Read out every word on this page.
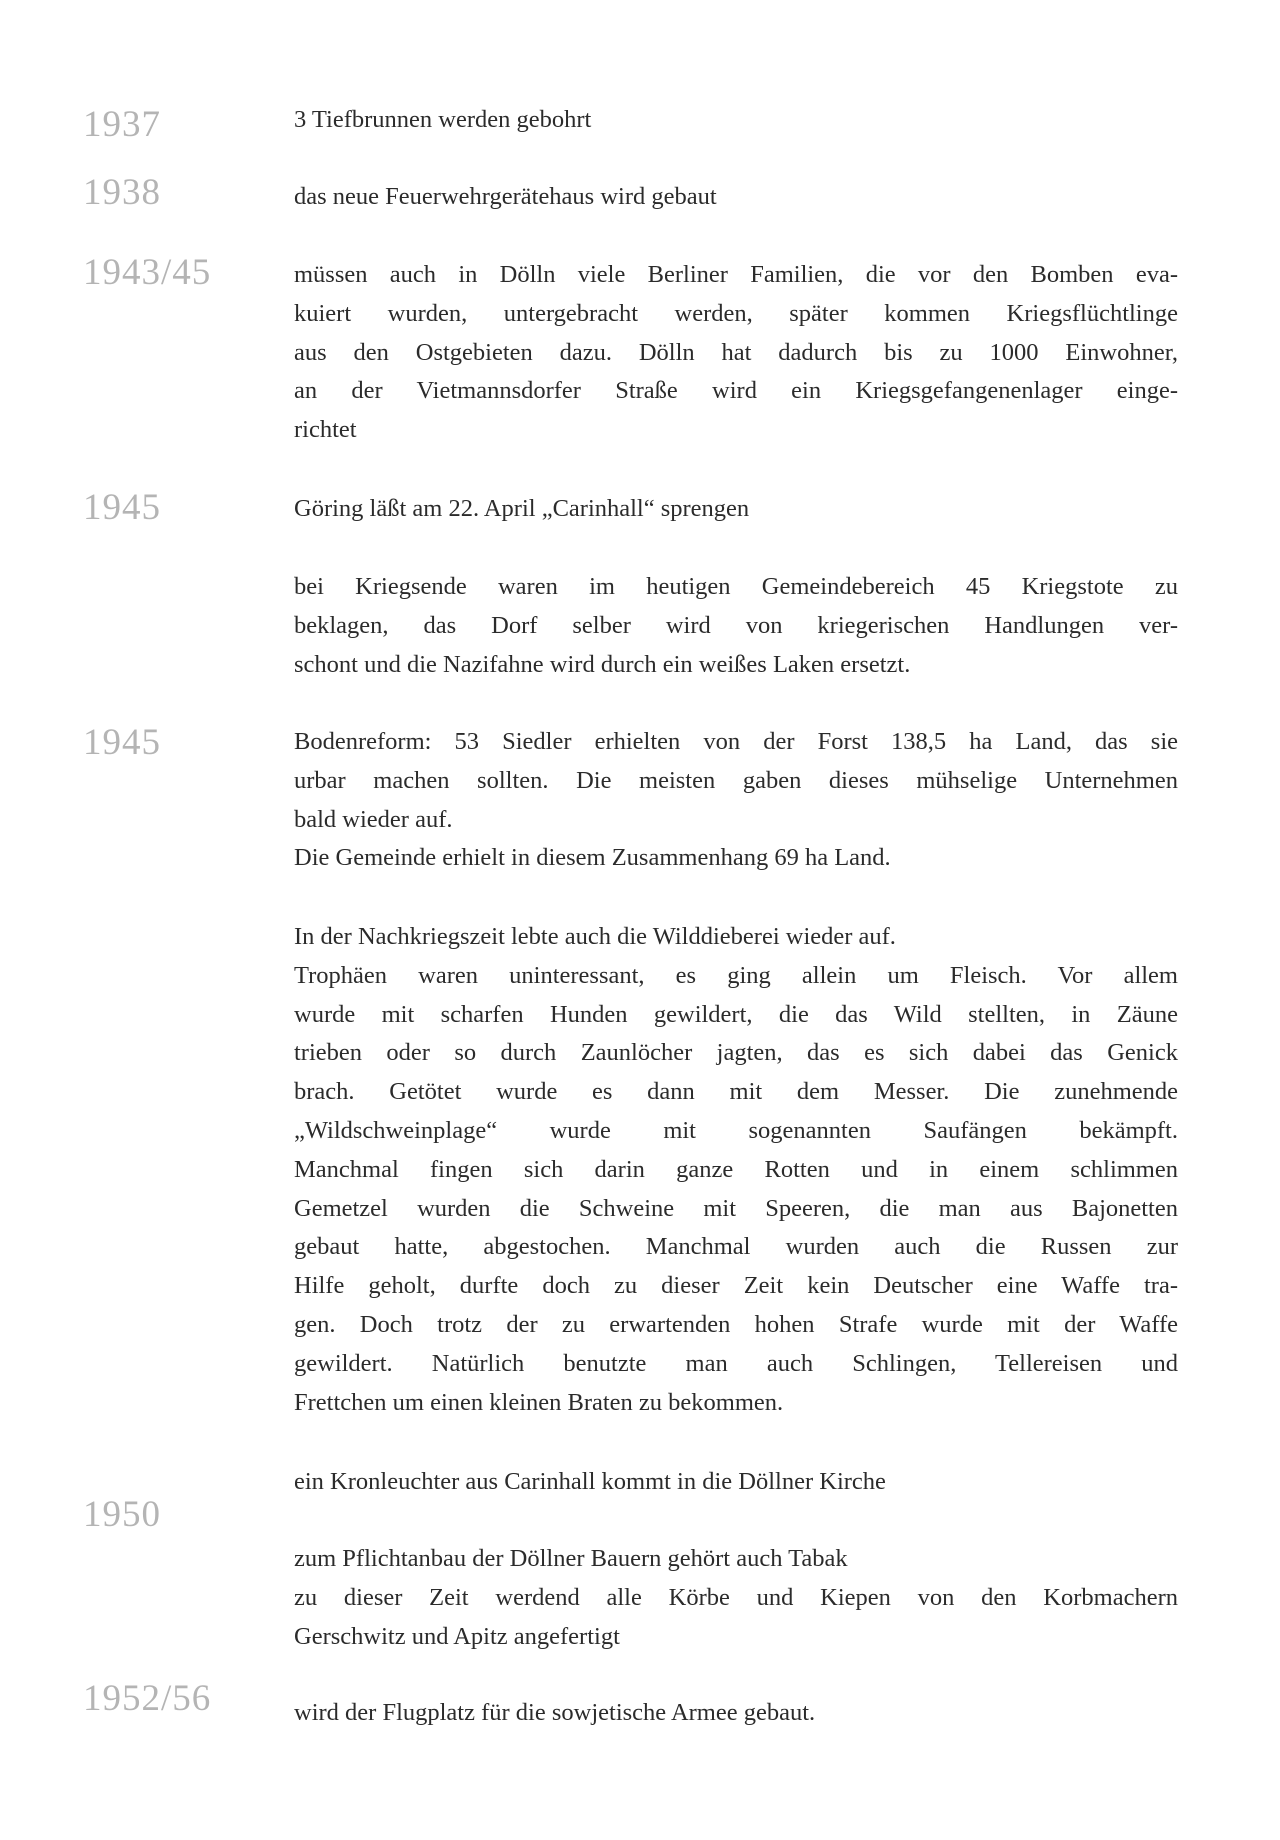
1937
1938
1943/45
1945
1945
1950
1952/56
3 Tiefbrunnen werden gebohrt
das neue Feuerwehrgerätehaus wird gebaut
müssen auch in Dölln viele Berliner Familien, die vor den Bomben eva-
kuiert wurden, untergebracht werden, später kommen Kriegsflüchtlinge
aus den Ostgebieten dazu. Dölln hat dadurch bis zu 1000 Einwohner,
an der Vietmannsdorfer Straße wird ein Kriegsgefangenenlager einge-
richtet
Göring läßt am 22. April „Carinhall“ sprengen
bei Kriegsende waren im heutigen Gemeindebereich 45 Kriegstote zu
beklagen, das Dorf selber wird von kriegerischen Handlungen ver-
schont und die Nazifahne wird durch ein weißes Laken ersetzt.
Bodenreform: 53 Siedler erhielten von der Forst 138,5 ha Land, das sie
urbar machen sollten. Die meisten gaben dieses mühselige Unternehmen
bald wieder auf.
Die Gemeinde erhielt in diesem Zusammenhang 69 ha Land.
In der Nachkriegszeit lebte auch die Wilddieberei wieder auf.
Trophäen waren uninteressant, es ging allein um Fleisch. Vor allem
wurde mit scharfen Hunden gewildert, die das Wild stellten, in Zäune
trieben oder so durch Zaunlöcher jagten, das es sich dabei das Genick
brach. Getötet wurde es dann mit dem Messer. Die zunehmende
„Wildschweinplage“ wurde mit sogenannten Saufängen bekämpft.
Manchmal fingen sich darin ganze Rotten und in einem schlimmen
Gemetzel wurden die Schweine mit Speeren, die man aus Bajonetten
gebaut hatte, abgestochen. Manchmal wurden auch die Russen zur
Hilfe geholt, durfte doch zu dieser Zeit kein Deutscher eine Waffe tra-
gen. Doch trotz der zu erwartenden hohen Strafe wurde mit der Waffe
gewildert. Natürlich benutzte man auch Schlingen, Tellereisen und
Frettchen um einen kleinen Braten zu bekommen.
ein Kronleuchter aus Carinhall kommt in die Döllner Kirche
zum Pflichtanbau der Döllner Bauern gehört auch Tabak
zu dieser Zeit werdend alle Körbe und Kiepen von den Korbmachern
Gerschwitz und Apitz angefertigt
wird der Flugplatz für die sowjetische Armee gebaut.
